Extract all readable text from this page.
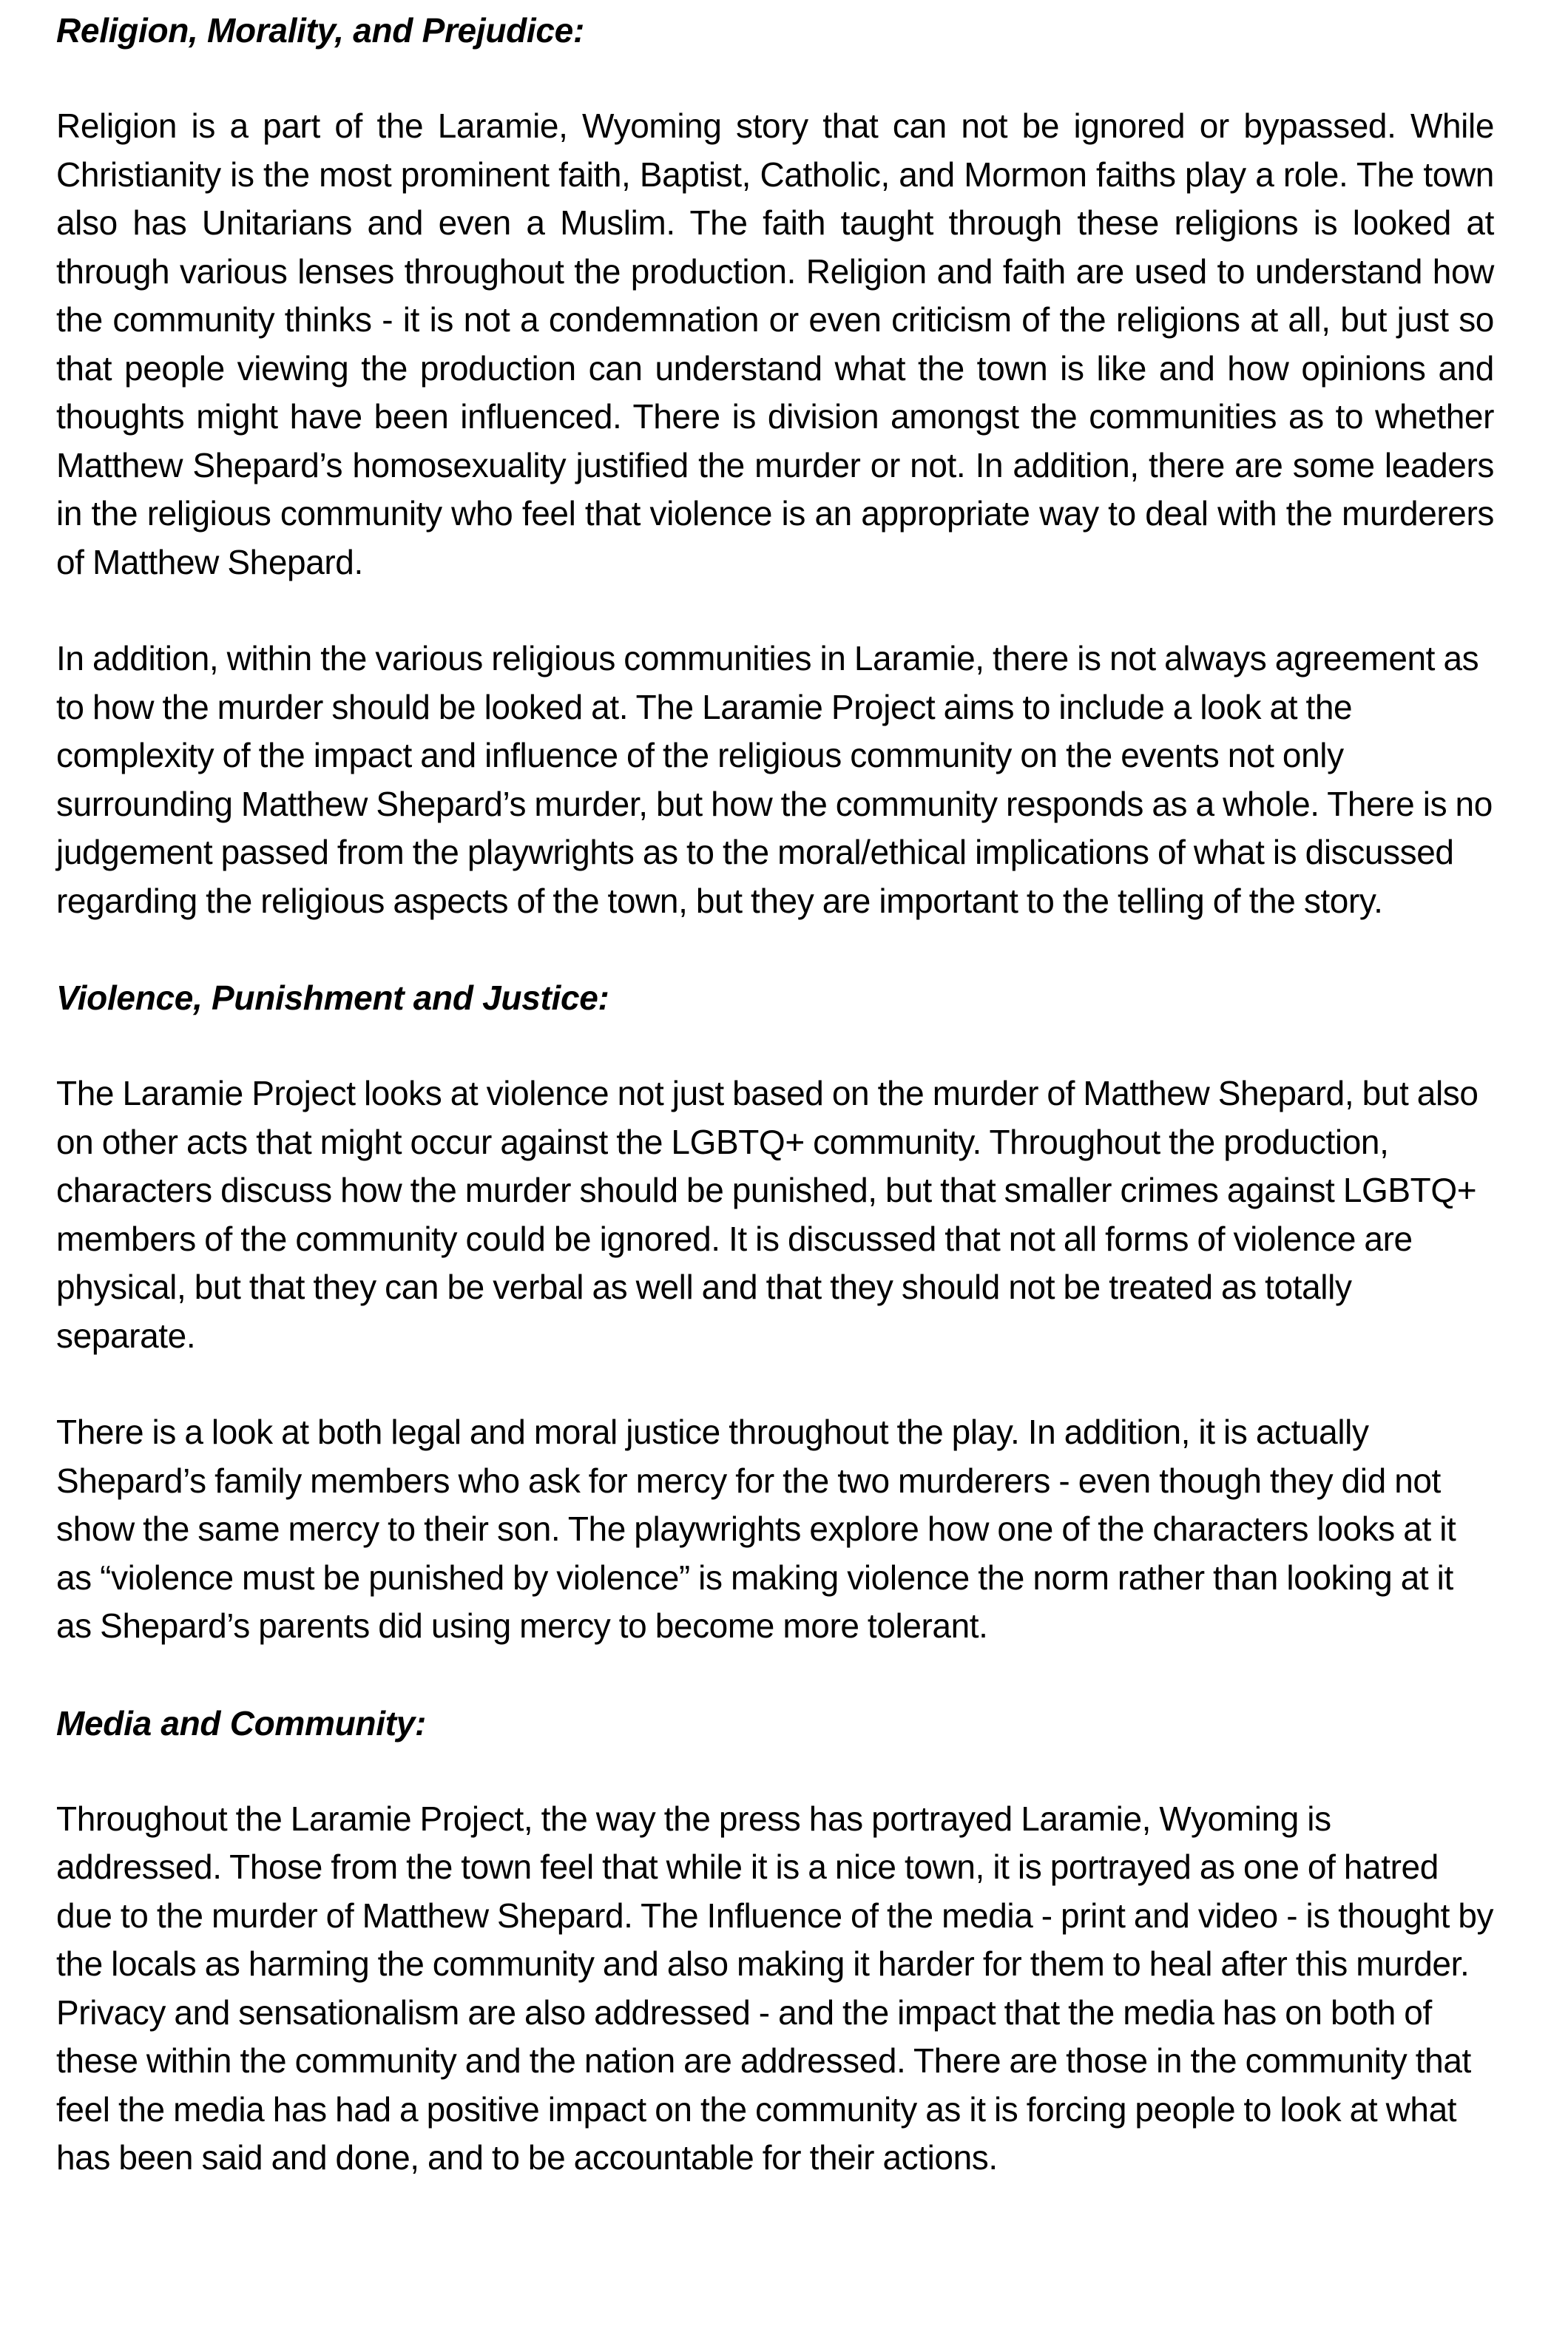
Religion, Morality, and Prejudice:

Religion is a part of the Laramie, Wyoming story that can not be ignored or bypassed. While Christianity is the most prominent faith, Baptist, Catholic, and Mormon faiths play a role. The town also has Unitarians and even a Muslim. The faith taught through these religions is looked at through various lenses throughout the production. Religion and faith are used to understand how the community thinks - it is not a condemnation or even criticism of the religions at all, but just so that people viewing the production can understand what the town is like and how opinions and thoughts might have been influenced. There is division amongst the communities as to whether Matthew Shepard’s homosexuality justified the murder or not. In addition, there are some leaders in the religious community who feel that violence is an appropriate way to deal with the murderers of Matthew Shepard.

In addition, within the various religious communities in Laramie, there is not always agreement as to how the murder should be looked at. The Laramie Project aims to include a look at the complexity of the impact and influence of the religious community on the events not only surrounding Matthew Shepard’s murder, but how the community responds as a whole. There is no judgement passed from the playwrights as to the moral/ethical implications of what is discussed regarding the religious aspects of the town, but they are important to the telling of the story.

Violence, Punishment and Justice:

The Laramie Project looks at violence not just based on the murder of Matthew Shepard, but also on other acts that might occur against the LGBTQ+ community. Throughout the production, characters discuss how the murder should be punished, but that smaller crimes against LGBTQ+ members of the community could be ignored. It is discussed that not all forms of violence are physical, but that they can be verbal as well and that they should not be treated as totally separate.

There is a look at both legal and moral justice throughout the play. In addition, it is actually Shepard’s family members who ask for mercy for the two murderers - even though they did not show the same mercy to their son. The playwrights explore how one of the characters looks at it as “violence must be punished by violence” is making violence the norm rather than looking at it as Shepard’s parents did using mercy to become more tolerant.

Media and Community:

Throughout the Laramie Project, the way the press has portrayed Laramie, Wyoming is addressed. Those from the town feel that while it is a nice town, it is portrayed as one of hatred due to the murder of Matthew Shepard. The Influence of the media - print and video - is thought by the locals as harming the community and also making it harder for them to heal after this murder. Privacy and sensationalism are also addressed - and the impact that the media has on both of these within the community and the nation are addressed. There are those in the community that feel the media has had a positive impact on the community as it is forcing people to look at what has been said and done, and to be accountable for their actions.
